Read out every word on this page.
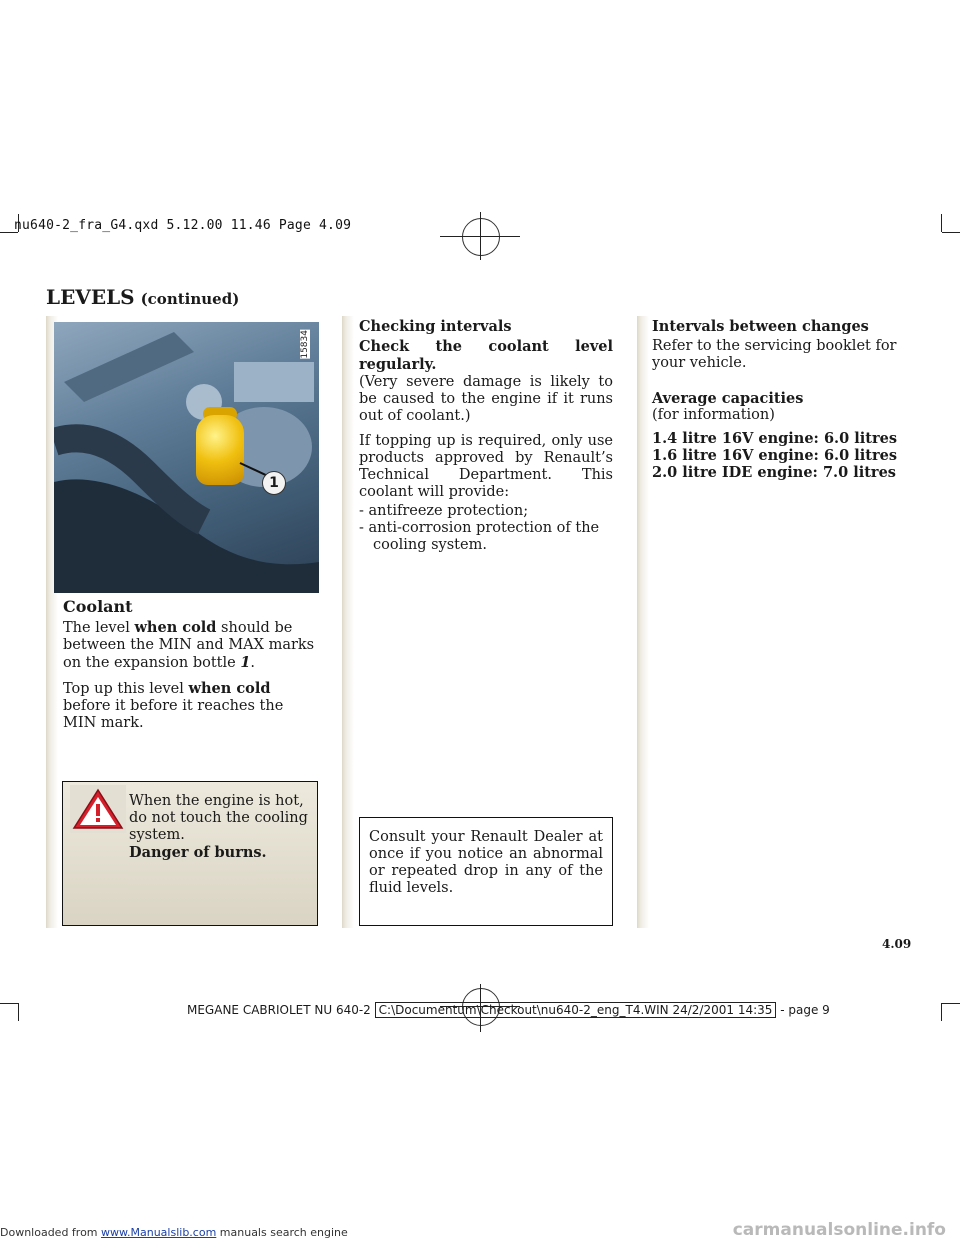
nu640-2_fra_G4.qxd 5.12.00 11.46 Page 4.09
LEVELS (continued)
1
15834
Coolant

The level when cold should be between the MIN and MAX marks on the expansion bottle 1.

Top up this level when cold before it before it reaches the MIN mark.

When the engine is hot, do not touch the cooling system.
Danger of burns.
Checking intervals

Check the coolant level regularly.
(Very severe damage is likely to be caused to the engine if it runs out of coolant.)

If topping up is required, only use products approved by Renault’s Technical Department. This coolant will provide:

- antifreeze protection;
- anti-corrosion protection of the cooling system.
Consult your Renault Dealer at once if you notice an abnormal or repeated drop in any of the fluid levels.
Intervals between changes

Refer to the servicing booklet for your vehicle.

Average capacities
(for information)
1.4 litre 16V engine: 6.0 litres
1.6 litre 16V engine: 6.0 litres
2.0 litre IDE engine: 7.0 litres
4.09
MEGANE CABRIOLET NU 640-2 C:\Documentum\Checkout\nu640-2_eng_T4.WIN 24/2/2001 14:35 - page 9
Downloaded from www.Manualslib.com manuals search engine	carmanualsonline.info
